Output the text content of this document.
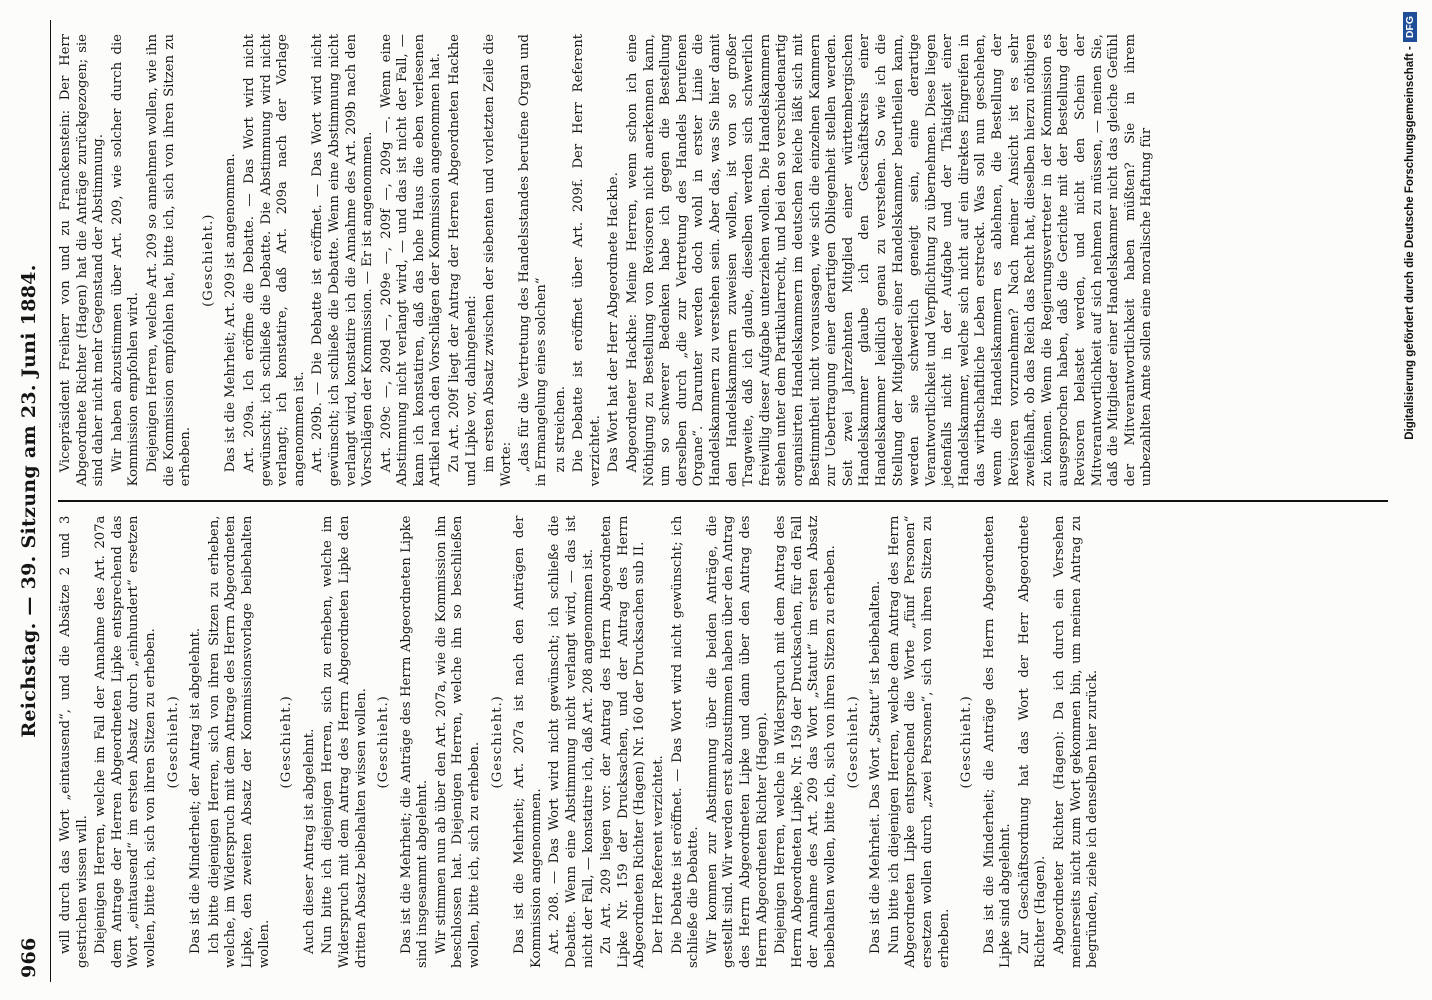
966
Reichstag. — 39. Sitzung am 23. Juni 1884. will durch das Wort „eintausend“, und die Absätze 2 und 3 gestrichen wissen will. Diejenigen Herren, welche im Fall der Annahme des Art. 207a dem Antrage der Herren Abgeordneten Lipke entsprechend das Wort „eintausend“ im ersten Absatz durch „einhundert“ ersetzen wollen, bitte ich, sich von ihren Sitzen zu erheben. (Geschieht.) Das ist die Minderheit; der Antrag ist abgelehnt. Ich bitte diejenigen Herren, sich von ihren Sitzen zu erheben, welche, im Widerspruch mit dem Antrage des Herrn Abgeordneten Lipke, den zweiten Absatz der Kommissionsvorlage beibehalten wollen.

(Geschieht.) Auch dieser Antrag ist abgelehnt. Nun bitte ich diejenigen Herren, sich zu erheben, welche im Widerspruch mit dem Antrag des Herrn Abgeordneten Lipke den dritten Absatz beibehalten wissen wollen. (Geschieht.) Das ist die Mehrheit; die Anträge des Herrn Abgeordneten Lipke sind insgesammt abgelehnt. Wir stimmen nun ab über den Art. 207a, wie die Kommission ihn beschlossen hat. Diejenigen Herren, welche ihn so beschließen wollen, bitte ich, sich zu erheben.

(Geschieht.) Das ist die Mehrheit; Art. 207a ist nach den Anträgen der Kommission angenommen. Art. 208. — Das Wort wird nicht gewünscht; ich schließe die Debatte. Wenn eine Abstimmung nicht verlangt wird, — das ist nicht der Fall, — konstatire ich, daß Art. 208 angenommen ist. Zu Art. 209 liegen vor: der Antrag des Herrn Abgeordneten Lipke Nr. 159 der Drucksachen, und der Antrag des Herrn Abgeordneten Richter (Hagen) Nr. 160 der Drucksachen sub II. Der Herr Referent verzichtet. Die Debatte ist eröffnet. — Das Wort wird nicht gewünscht; ich schließe die Debatte. Wir kommen zur Abstimmung über die beiden Anträge, die gestellt sind. Wir werden erst abzustimmen haben über den Antrag des Herrn Abgeordneten Lipke und dann über den Antrag des Herrn Abgeordneten Richter (Hagen). Diejenigen Herren, welche in Widerspruch mit dem Antrag des Herrn Abgeordneten Lipke, Nr. 159 der Drucksachen, für den Fall der Annahme des Art. 209 das Wort „Statut“ im ersten Absatz beibehalten wollen, bitte ich, sich von ihren Sitzen zu erheben. (Geschieht.) Das ist die Mehrheit. Das Wort „Statut“ ist beibehalten. Nun bitte ich diejenigen Herren, welche dem Antrag des Herrn Abgeordneten Lipke entsprechend die Worte „fünf Personen“ ersetzen wollen durch „zwei Personen“, sich von ihren Sitzen zu erheben.

(Geschieht.) Das ist die Minderheit; die Anträge des Herrn Abgeordneten Lipke sind abgelehnt. Zur Geschäftsordnung hat das Wort der Herr Abgeordnete Richter (Hagen). Abgeordneter Richter (Hagen): Da ich durch ein Versehen meinerseits nicht zum Wort gekommen bin, um meinen Antrag zu begründen, ziehe ich denselben hier zurück.

Vicepräsident Freiherr von und zu Franckenstein: Der Herr Abgeordnete Richter (Hagen) hat die Anträge zurückgezogen; sie sind daher nicht mehr Gegenstand der Abstimmung. Wir haben abzustimmen über Art. 209, wie solcher durch die Kommission empfohlen wird. Diejenigen Herren, welche Art. 209 so annehmen wollen, wie ihn die Kommission empfohlen hat, bitte ich, sich von ihren Sitzen zu erheben.

(Geschieht.) Das ist die Mehrheit; Art. 209 ist angenommen. Art. 209a. Ich eröffne die Debatte. — Das Wort wird nicht gewünscht; ich schließe die Debatte. Die Abstimmung wird nicht verlangt; ich konstatire, daß Art. 209a nach der Vorlage angenommen ist. Art. 209b. — Die Debatte ist eröffnet. — Das Wort wird nicht gewünscht; ich schließe die Debatte. Wenn eine Abstimmung nicht verlangt wird, konstatire ich die Annahme des Art. 209b nach den Vorschlägen der Kommission. — Er ist angenommen. Art. 209c —, 209d —, 209e —, 209f —, 209g —. Wenn eine Abstimmung nicht verlangt wird, — und das ist nicht der Fall, — kann ich konstatiren, daß das hohe Haus die eben verlesenen Artikel nach den Vorschlägen der Kommission angenommen hat. Zu Art. 209f liegt der Antrag der Herren Abgeordneten Hackhe und Lipke vor, dahingehend: im ersten Absatz zwischen der siebenten und vorletzten Zeile die Worte: „das für die Vertretung des Handelsstandes berufene Organ und in Ermangelung eines solchen“ zu streichen. Die Debatte ist eröffnet über Art. 209f. Der Herr Referent verzichtet. Das Wort hat der Herr Abgeordnete Hackhe. Abgeordneter Hackhe: Meine Herren, wenn schon ich eine Nöthigung zu Bestellung von Revisoren nicht anerkennen kann, um so schwerer Bedenken habe ich gegen die Bestellung derselben durch „die zur Vertretung des Handels berufenen Organe“. Darunter werden doch wohl in erster Linie die Handelskammern zu verstehen sein. Aber das, was Sie hier damit den Handelskammern zuweisen wollen, ist von so großer Tragweite, daß ich glaube, dieselben werden sich schwerlich freiwillig dieser Aufgabe unterziehen wollen. Die Handelskammern stehen unter dem Partikularrecht, und bei den so verschiedenartig organisirten Handelskammern im deutschen Reiche läßt sich mit Bestimmtheit nicht voraussagen, wie sich die einzelnen Kammern zur Uebertragung einer derartigen Obliegenheit stellen werden. Seit zwei Jahrzehnten Mitglied einer württembergischen Handelskammer glaube ich den Geschäftskreis einer Handelskammer leidlich genau zu verstehen. So wie ich die Stellung der Mitglieder einer Handelskammer beurtheilen kann, werden sie schwerlich geneigt sein, eine derartige Verantwortlichkeit und Verpflichtung zu übernehmen. Diese liegen jedenfalls nicht in der Aufgabe und der Thätigkeit einer Handelskammer, welche sich nicht auf ein direktes Eingreifen in das wirthschaftliche Leben erstreckt. Was soll nun geschehen, wenn die Handelskammern es ablehnen, die Bestellung der Revisoren vorzunehmen? Nach meiner Ansicht ist es sehr zweifelhaft, ob das Reich das Recht hat, dieselben hierzu nöthigen zu können. Wenn die Regierungsvertreter in der Kommission es ausgesprochen haben, daß die Gerichte mit der Bestellung der Revisoren belastet werden, und nicht den Schein der Mitverantwortlichkeit auf sich nehmen zu müssen, — meinen Sie, daß die Mitglieder einer Handelskammer nicht das gleiche Gefühl der Mitverantwortlichkeit haben müßten? Sie in ihrem unbezahlten Amte sollen eine moralische Haftung für	Digitalisierung gefördert durch die Deutsche Forschungsgemeinschaft -
DFG
